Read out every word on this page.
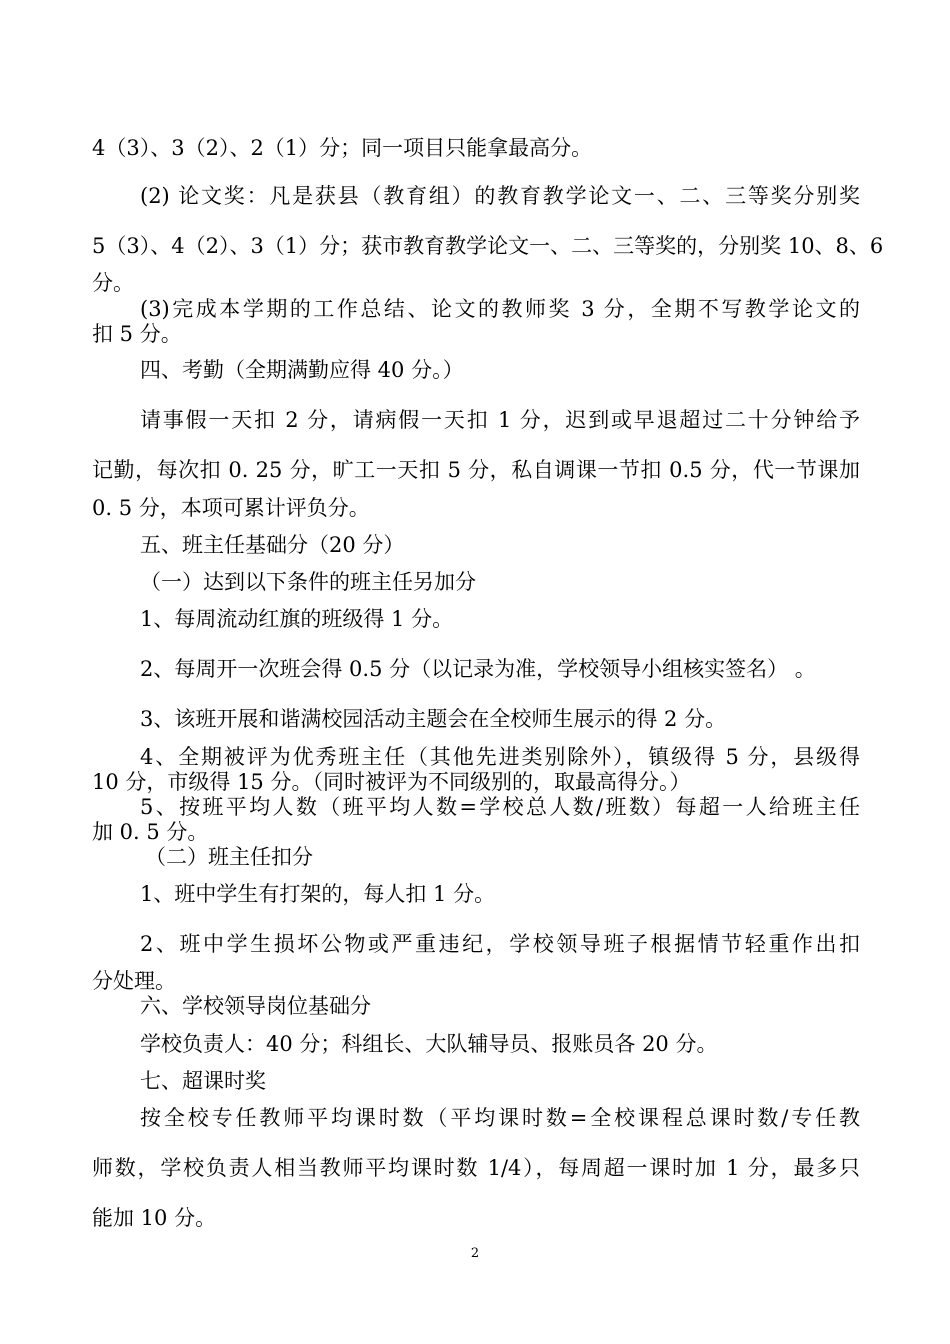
4（3）、3（2）、2（1）分；同一项目只能拿最高分。
(2) 论文奖：凡是获县（教育组）的教育教学论文一、二、三等奖分别奖
5（3）、4（2）、3（1）分；获市教育教学论文一、二、三等奖的，分别奖 10、8、6
分。
(3)完成本学期的工作总结、论文的教师奖 3 分，全期不写教学论文的
扣 5 分。
四、考勤（全期满勤应得 40 分。）
请事假一天扣 2 分，请病假一天扣 1 分，迟到或早退超过二十分钟给予
记勤，每次扣 0. 25 分，旷工一天扣 5 分，私自调课一节扣 0.5 分，代一节课加
0. 5 分，本项可累计评负分。
五、班主任基础分（20 分）
（一）达到以下条件的班主任另加分
1、每周流动红旗的班级得 1 分。
2、每周开一次班会得 0.5 分（以记录为准，学校领导小组核实签名） 。
3、该班开展和谐满校园活动主题会在全校师生展示的得 2 分。
4、全期被评为优秀班主任（其他先进类别除外），镇级得 5 分，县级得
10 分，市级得 15 分。（同时被评为不同级别的，取最高得分。）
5、按班平均人数（班平均人数=学校总人数/班数）每超一人给班主任
加 0. 5 分。
（二）班主任扣分
1、班中学生有打架的，每人扣 1 分。
2、班中学生损坏公物或严重违纪，学校领导班子根据情节轻重作出扣
分处理。
六、学校领导岗位基础分
学校负责人：40 分；科组长、大队辅导员、报账员各 20 分。
七、超课时奖
按全校专任教师平均课时数（平均课时数=全校课程总课时数/专任教
师数，学校负责人相当教师平均课时数 1/4），每周超一课时加 1 分，最多只
能加 10 分。
2
